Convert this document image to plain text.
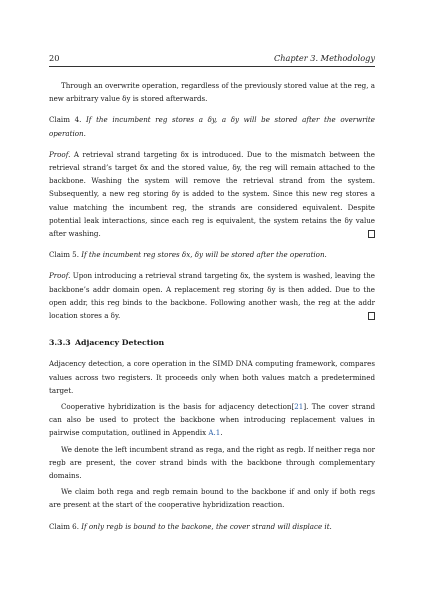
20	Chapter 3. Methodology

Through an overwrite operation, regardless of the previously stored value at the reg, a new arbitrary value δy is stored afterwards.

Claim 4. If the incumbent reg stores a δy, a δy will be stored after the overwrite operation.

Proof. A retrieval strand targeting δx is introduced. Due to the mismatch between the retrieval strand’s target δx and the stored value, δy, the reg will remain attached to the backbone. Washing the system will remove the retrieval strand from the system. Subsequently, a new reg storing δy is added to the system. Since this new reg stores a value matching the incumbent reg, the strands are considered equivalent. Despite potential leak interactions, since each reg is equivalent, the system retains the δy value after washing.

Claim 5. If the incumbent reg stores δx, δy will be stored after the operation.

Proof. Upon introducing a retrieval strand targeting δx, the system is washed, leaving the backbone’s addr domain open. A replacement reg storing δy is then added. Due to the open addr, this reg binds to the backbone. Following another wash, the reg at the addr location stores a δy.

3.3.3 Adjacency Detection

Adjacency detection, a core operation in the SIMD DNA computing framework, compares values across two registers. It proceeds only when both values match a predetermined target.

Cooperative hybridization is the basis for adjacency detection[21]. The cover strand can also be used to protect the backbone when introducing replacement values in pairwise computation, outlined in Appendix A.1.

We denote the left incumbent strand as rega, and the right as regb. If neither rega nor regb are present, the cover strand binds with the backbone through complementary domains.

We claim both rega and regb remain bound to the backbone if and only if both regs are present at the start of the cooperative hybridization reaction.

Claim 6. If only regb is bound to the backone, the cover strand will displace it.
